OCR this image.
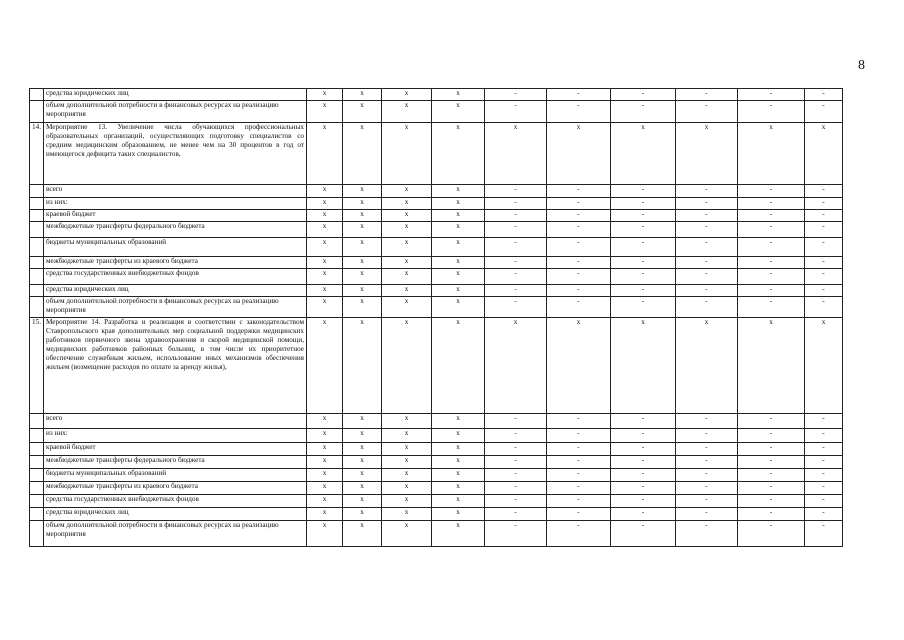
8
	средства юридических лиц	x	x	x	x	-	-	-	-	-	-
	объем дополнительной потребности в финансовых ресурсах на реализацию мероприятия	x	x	x	x	-	-	-	-	-	-
14.	Мероприятие 13. Увеличение числа обучающихся профессиональных образовательных организаций, осуществляющих подготовку специалистов со средним медицинским образованием, не менее чем на 30 процентов в год от имеющегося дефицита таких специалистов,	x	x	x	x	x	x	x	x	x	x
	всего	x	x	x	x	-	-	-	-	-	-
	из них:	x	x	x	x	-	-	-	-	-	-
	краевой бюджет	x	x	x	x	-	-	-	-	-	-
	межбюджетные трансферты федерального бюджета	x	x	x	x	-	-	-	-	-	-
	бюджеты муниципальных образований	x	x	x	x	-	-	-	-	-	-
	межбюджетные трансферты из краевого бюджета	x	x	x	x	-	-	-	-	-	-
	средства государственных внебюджетных фондов	x	x	x	x	-	-	-	-	-	-
	средства юридических лиц	x	x	x	x	-	-	-	-	-	-
	объем дополнительной потребности в финансовых ресурсах на реализацию мероприятия	x	x	x	x	-	-	-	-	-	-
15.	Мероприятие 14. Разработка и реализация в соответствии с законодательством Ставропольского края дополнительных мер социальной поддержки медицинских работников первичного звена здравоохранения и скорой медицинской помощи, медицинских работников районных больниц, в том числе их приоритетное обеспечение служебным жильем, использование иных механизмов обеспечения жильем (возмещение расходов по оплате за аренду жилья),	x	x	x	x	x	x	x	x	x	x
	всего	x	x	x	x	-	-	-	-	-	-
	из них:	x	x	x	x	-	-	-	-	-	-
	краевой бюджет	x	x	x	x	-	-	-	-	-	-
	межбюджетные трансферты федерального бюджета	x	x	x	x	-	-	-	-	-	-
	бюджеты муниципальных образований	x	x	x	x	-	-	-	-	-	-
	межбюджетные трансферты из краевого бюджета	x	x	x	x	-	-	-	-	-	-
	средства государственных внебюджетных фондов	x	x	x	x	-	-	-	-	-	-
	средства юридических лиц	x	x	x	x	-	-	-	-	-	-
	объем дополнительной потребности в финансовых ресурсах на реализацию мероприятия	x	x	x	x	-	-	-	-	-	-
